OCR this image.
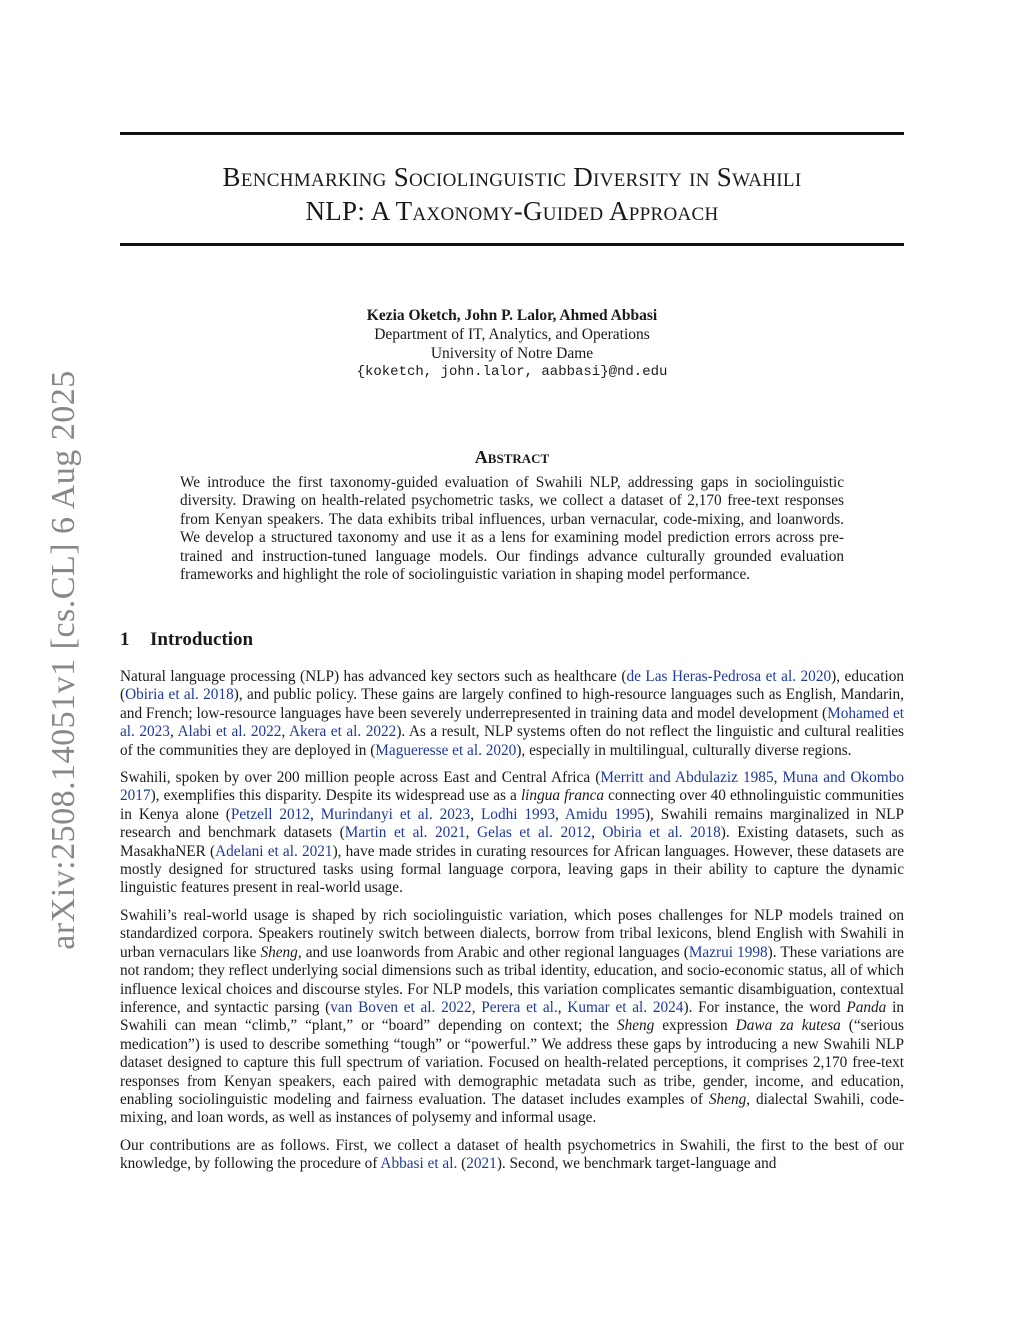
arXiv:2508.14051v1 [cs.CL] 6 Aug 2025
Benchmarking Sociolinguistic Diversity in Swahili
NLP: A Taxonomy-Guided Approach
Kezia Oketch, John P. Lalor, Ahmed Abbasi
Department of IT, Analytics, and Operations
University of Notre Dame
{koketch, john.lalor, aabbasi}@nd.edu
Abstract
We introduce the first taxonomy-guided evaluation of Swahili NLP, addressing gaps in sociolinguistic diversity. Drawing on health-related psychometric tasks, we collect a dataset of 2,170 free-text responses from Kenyan speakers. The data exhibits tribal influences, urban vernacular, code-mixing, and loanwords. We develop a structured taxonomy and use it as a lens for examining model prediction errors across pre-trained and instruction-tuned language models. Our findings advance culturally grounded evaluation frameworks and highlight the role of sociolinguistic variation in shaping model performance.
1 Introduction

Natural language processing (NLP) has advanced key sectors such as healthcare (de Las Heras-Pedrosa et al. 2020), education (Obiria et al. 2018), and public policy. These gains are largely confined to high-resource languages such as English, Mandarin, and French; low-resource languages have been severely underrepresented in training data and model development (Mohamed et al. 2023, Alabi et al. 2022, Akera et al. 2022). As a result, NLP systems often do not reflect the linguistic and cultural realities of the communities they are deployed in (Magueresse et al. 2020), especially in multilingual, culturally diverse regions.

Swahili, spoken by over 200 million people across East and Central Africa (Merritt and Abdulaziz 1985, Muna and Okombo 2017), exemplifies this disparity. Despite its widespread use as a lingua franca connecting over 40 ethnolinguistic communities in Kenya alone (Petzell 2012, Murindanyi et al. 2023, Lodhi 1993, Amidu 1995), Swahili remains marginalized in NLP research and benchmark datasets (Martin et al. 2021, Gelas et al. 2012, Obiria et al. 2018). Existing datasets, such as MasakhaNER (Adelani et al. 2021), have made strides in curating resources for African languages. However, these datasets are mostly designed for structured tasks using formal language corpora, leaving gaps in their ability to capture the dynamic linguistic features present in real-world usage.

Swahili’s real-world usage is shaped by rich sociolinguistic variation, which poses challenges for NLP models trained on standardized corpora. Speakers routinely switch between dialects, borrow from tribal lexicons, blend English with Swahili in urban vernaculars like Sheng, and use loanwords from Arabic and other regional languages (Mazrui 1998). These variations are not random; they reflect underlying social dimensions such as tribal identity, education, and socio-economic status, all of which influence lexical choices and discourse styles. For NLP models, this variation complicates semantic disambiguation, contextual inference, and syntactic parsing (van Boven et al. 2022, Perera et al., Kumar et al. 2024). For instance, the word Panda in Swahili can mean “climb,” “plant,” or “board” depending on context; the Sheng expression Dawa za kutesa (“serious medication”) is used to describe something “tough” or “powerful.” We address these gaps by introducing a new Swahili NLP dataset designed to capture this full spectrum of variation. Focused on health-related perceptions, it comprises 2,170 free-text responses from Kenyan speakers, each paired with demographic metadata such as tribe, gender, income, and education, enabling sociolinguistic modeling and fairness evaluation. The dataset includes examples of Sheng, dialectal Swahili, code-mixing, and loan words, as well as instances of polysemy and informal usage.

Our contributions are as follows. First, we collect a dataset of health psychometrics in Swahili, the first to the best of our knowledge, by following the procedure of Abbasi et al. (2021). Second, we benchmark target-language and
